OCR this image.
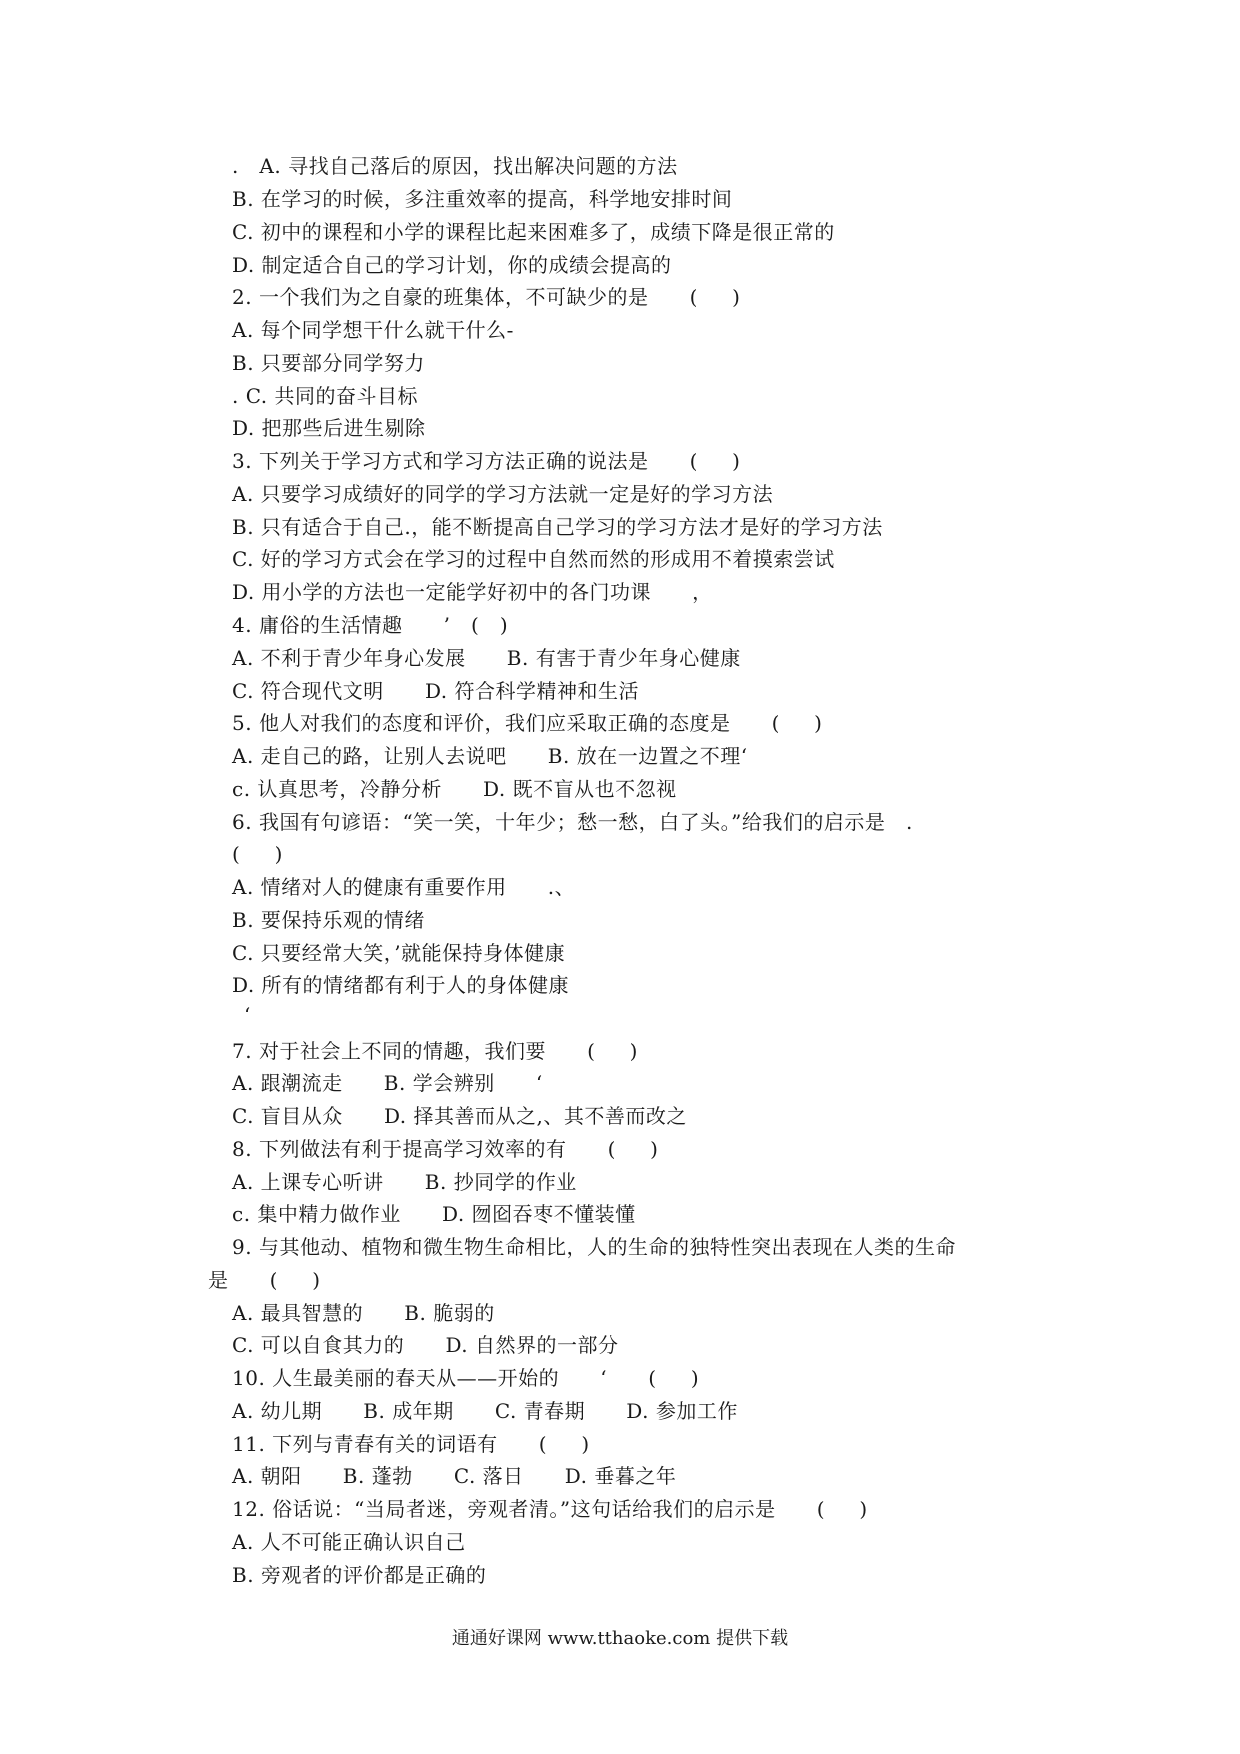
.   A. 寻找自己落后的原因，找出解决问题的方法
B. 在学习的时候，多注重效率的提高，科学地安排时间
C. 初中的课程和小学的课程比起来困难多了，成绩下降是很正常的
D. 制定适合自己的学习计划，你的成绩会提高的
2. 一个我们为之自豪的班集体，不可缺少的是      (     )
A. 每个同学想干什么就干什么-
B. 只要部分同学努力
. C. 共同的奋斗目标
D. 把那些后进生剔除
3. 下列关于学习方式和学习方法正确的说法是      (     )
A. 只要学习成绩好的同学的学习方法就一定是好的学习方法
B. 只有适合于自己.，能不断提高自己学习的学习方法才是好的学习方法
C. 好的学习方式会在学习的过程中自然而然的形成用不着摸索尝试
D. 用小学的方法也一定能学好初中的各门功课      ，
4. 庸俗的生活情趣      ’   (   )
A. 不利于青少年身心发展      B. 有害于青少年身心健康
C. 符合现代文明      D. 符合科学精神和生活
5. 他人对我们的态度和评价，我们应采取正确的态度是      (     )
A. 走自己的路，让别人去说吧      B. 放在一边置之不理‘
c. 认真思考，冷静分析      D. 既不盲从也不忽视
6. 我国有句谚语：“笑一笑，十年少；愁一愁，白了头。”给我们的启示是   .
(     )
A. 情绪对人的健康有重要作用      .、
B. 要保持乐观的情绪
C. 只要经常大笑，’就能保持身体健康
D. 所有的情绪都有利于人的身体健康
‘
7. 对于社会上不同的情趣，我们要      (     )
A. 跟潮流走      B. 学会辨别      ‘
C. 盲目从众      D. 择其善而从之,、其不善而改之
8. 下列做法有利于提高学习效率的有      (     )
A. 上课专心听讲      B. 抄同学的作业
c. 集中精力做作业      D. 囫囵吞枣不懂装懂
9. 与其他动、植物和微生物生命相比，人的生命的独特性突出表现在人类的生命
是      (     )
A. 最具智慧的      B. 脆弱的
C. 可以自食其力的      D. 自然界的一部分
10. 人生最美丽的春天从——开始的      ‘      (     )
A. 幼儿期      B. 成年期      C. 青春期      D. 参加工作
11. 下列与青春有关的词语有      (     )
A. 朝阳      B. 蓬勃      C. 落日      D. 垂暮之年
12. 俗话说：“当局者迷，旁观者清。”这句话给我们的启示是      (     )
A. 人不可能正确认识自己
B. 旁观者的评价都是正确的
通通好课网 www.tthaoke.com 提供下载
